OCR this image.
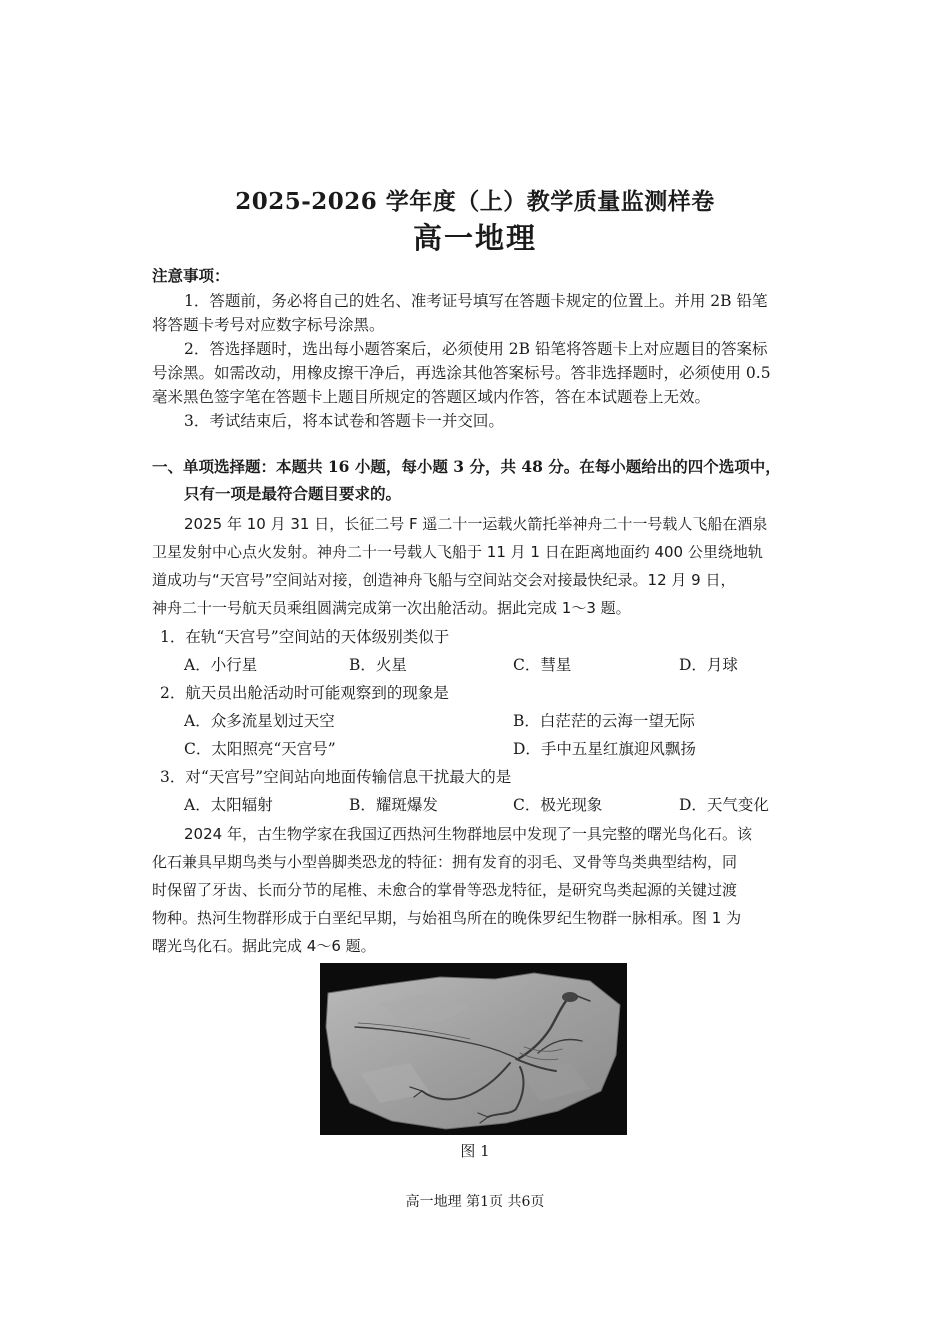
2025-2026 学年度（上）教学质量监测样卷
高一地理
注意事项：
1．答题前，务必将自己的姓名、准考证号填写在答题卡规定的位置上。并用 2B 铅笔
将答题卡考号对应数字标号涂黑。
2．答选择题时，选出每小题答案后，必须使用 2B 铅笔将答题卡上对应题目的答案标
号涂黑。如需改动，用橡皮擦干净后，再选涂其他答案标号。答非选择题时，必须使用 0.5
毫米黑色签字笔在答题卡上题目所规定的答题区域内作答，答在本试题卷上无效。
3．考试结束后，将本试卷和答题卡一并交回。
一、单项选择题：本题共 16 小题，每小题 3 分，共 48 分。在每小题给出的四个选项中，
只有一项是最符合题目要求的。
2025 年 10 月 31 日，长征二号 F 遥二十一运载火箭托举神舟二十一号载人飞船在酒泉
卫星发射中心点火发射。神舟二十一号载人飞船于 11 月 1 日在距离地面约 400 公里绕地轨
道成功与“天宫号”空间站对接，创造神舟飞船与空间站交会对接最快纪录。12 月 9 日，
神舟二十一号航天员乘组圆满完成第一次出舱活动。据此完成 1～3 题。
1．在轨“天宫号”空间站的天体级别类似于
A．小行星	B．火星	C．彗星	D．月球
2．航天员出舱活动时可能观察到的现象是
A．众多流星划过天空	B．白茫茫的云海一望无际
C．太阳照亮“天宫号”	D．手中五星红旗迎风飘扬
3．对“天宫号”空间站向地面传输信息干扰最大的是
A．太阳辐射	B．耀斑爆发	C．极光现象	D．天气变化
2024 年，古生物学家在我国辽西热河生物群地层中发现了一具完整的曙光鸟化石。该
化石兼具早期鸟类与小型兽脚类恐龙的特征：拥有发育的羽毛、叉骨等鸟类典型结构，同
时保留了牙齿、长而分节的尾椎、未愈合的掌骨等恐龙特征，是研究鸟类起源的关键过渡
物种。热河生物群形成于白垩纪早期，与始祖鸟所在的晚侏罗纪生物群一脉相承。图 1 为
曙光鸟化石。据此完成 4～6 题。
图 1
高一地理 第1页 共6页
